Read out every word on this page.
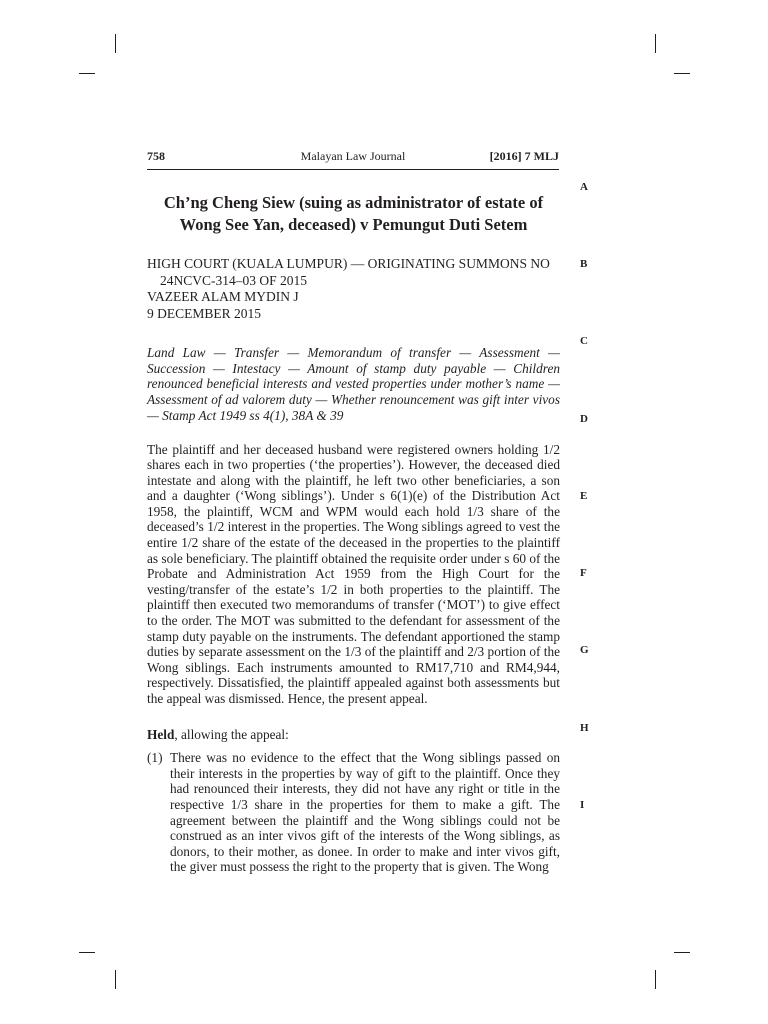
758	Malayan Law Journal	[2016] 7 MLJ
A
B
C
D
E
F
G
H
I
Ch’ng Cheng Siew (suing as administrator of estate of Wong See Yan, deceased) v Pemungut Duti Setem
HIGH COURT (KUALA LUMPUR) — ORIGINATING SUMMONS NO
24NCVC-314–03 OF 2015
VAZEER ALAM MYDIN J
9 DECEMBER 2015

Land Law — Transfer — Memorandum of transfer — Assessment — Succession — Intestacy — Amount of stamp duty payable — Children renounced beneficial interests and vested properties under mother’s name — Assessment of ad valorem duty — Whether renouncement was gift inter vivos — Stamp Act 1949 ss 4(1), 38A & 39

The plaintiff and her deceased husband were registered owners holding 1/2 shares each in two properties (‘the properties’). However, the deceased died intestate and along with the plaintiff, he left two other beneficiaries, a son and a daughter (‘Wong siblings’). Under s 6(1)(e) of the Distribution Act 1958, the plaintiff, WCM and WPM would each hold 1/3 share of the deceased’s 1/2 interest in the properties. The Wong siblings agreed to vest the entire 1/2 share of the estate of the deceased in the properties to the plaintiff as sole beneficiary. The plaintiff obtained the requisite order under s 60 of the Probate and Administration Act 1959 from the High Court for the vesting/transfer of the estate’s 1/2 in both properties to the plaintiff. The plaintiff then executed two memorandums of transfer (‘MOT’) to give effect to the order. The MOT was submitted to the defendant for assessment of the stamp duty payable on the instruments. The defendant apportioned the stamp duties by separate assessment on the 1/3 of the plaintiff and 2/3 portion of the Wong siblings. Each instruments amounted to RM17,710 and RM4,944, respectively. Dissatisfied, the plaintiff appealed against both assessments but the appeal was dismissed. Hence, the present appeal.

Held, allowing the appeal:

(1) There was no evidence to the effect that the Wong siblings passed on their interests in the properties by way of gift to the plaintiff. Once they had renounced their interests, they did not have any right or title in the respective 1/3 share in the properties for them to make a gift. The agreement between the plaintiff and the Wong siblings could not be construed as an inter vivos gift of the interests of the Wong siblings, as donors, to their mother, as donee. In order to make and inter vivos gift, the giver must possess the right to the property that is given. The Wong
